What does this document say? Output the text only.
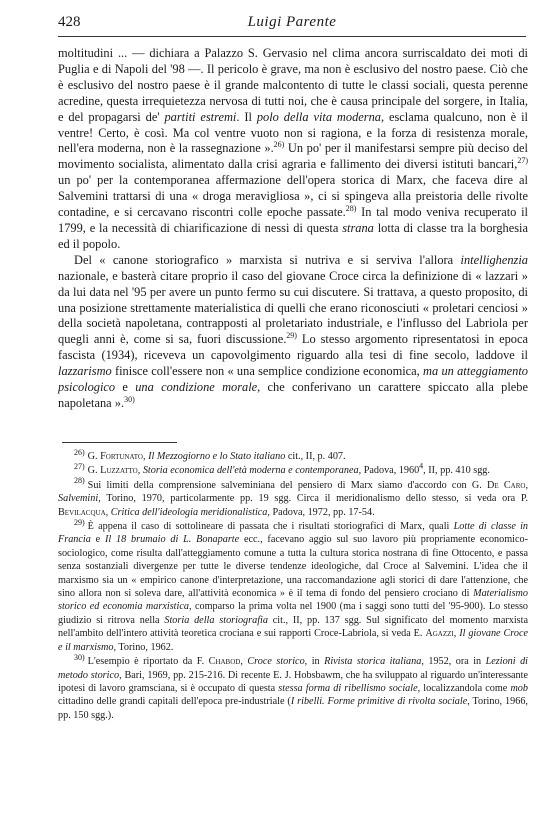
428	Luigi Parente

moltitudini ... — dichiara a Palazzo S. Gervasio nel clima ancora surriscaldato dei moti di Puglia e di Napoli del '98 —. Il pericolo è grave, ma non è esclusivo del nostro paese. Ciò che è esclusivo del nostro paese è il grande malcontento di tutte le classi sociali, questa perenne acredine, questa irrequietezza nervosa di tutti noi, che è causa principale del sorgere, in Italia, e del propagarsi de' partiti estremi. Il polo della vita moderna, esclama qualcuno, non è il ventre! Certo, è così. Ma col ventre vuoto non si ragiona, e la forza di resistenza morale, nell'era moderna, non è la rassegnazione ».$^{26)}$ Un po' per il manifestarsi sempre più deciso del movimento socialista, alimentato dalla crisi agraria e fallimento dei diversi istituti bancari,$^{27)}$ un po' per la contemporanea affermazione dell'opera storica di Marx, che faceva dire al Salvemini trattarsi di una « droga meravigliosa », ci si spingeva alla preistoria delle rivolte contadine, e si cercavano riscontri colle epoche passate.$^{28)}$ In tal modo veniva recuperato il 1799, e la necessità di chiarificazione di nessi di questa strana lotta di classe tra la borghesia ed il popolo.

Del « canone storiografico » marxista si nutriva e si serviva l'allora intellighenzia nazionale, e basterà citare proprio il caso del giovane Croce circa la definizione di « lazzari » da lui data nel '95 per avere un punto fermo su cui discutere. Si trattava, a questo proposito, di una posizione strettamente materialistica di quelli che erano riconosciuti « proletari cenciosi » della società napoletana, contrapposti al proletariato industriale, e l'influsso del Labriola per quegli anni è, come si sa, fuori discussione.$^{29)}$ Lo stesso argomento ripresentatosi in epoca fascista (1934), riceveva un capovolgimento riguardo alla tesi di fine secolo, laddove il lazzarismo finisce coll'essere non « una semplice condizione economica, ma un atteggiamento psicologico e una condizione morale, che conferivano un carattere spiccato alla plebe napoletana ».$^{30)}$

$^{26)}$ G. Fortunato, Il Mezzogiorno e lo Stato italiano cit., II, p. 407.

$^{27)}$ G. Luzzatto, Storia economica dell'età moderna e contemporanea, Padova, 1960$^4$, II, pp. 410 sgg.

$^{28)}$ Sui limiti della comprensione salveminiana del pensiero di Marx siamo d'accordo con G. De Caro, Salvemini, Torino, 1970, particolarmente pp. 19 sgg. Circa il meridionalismo dello stesso, si veda ora P. Bevilacqua, Critica dell'ideologia meridionalistica, Padova, 1972, pp. 17-54.

$^{29)}$ È appena il caso di sottolineare di passata che i risultati storiografici di Marx, quali Lotte di classe in Francia e Il 18 brumaio di L. Bonaparte ecc., facevano aggio sul suo lavoro più propriamente economico-sociologico, come risulta dall'atteggiamento comune a tutta la cultura storica nostrana di fine Ottocento, e passa senza sostanziali divergenze per tutte le diverse tendenze ideologiche, dal Croce al Salvemini. L'idea che il marxismo sia un « empirico canone d'interpretazione, una raccomandazione agli storici di dare l'attenzione, che sino allora non si soleva dare, all'attività economica » è il tema di fondo del pensiero crociano di Materialismo storico ed economia marxistica, comparso la prima volta nel 1900 (ma i saggi sono tutti del '95-900). Lo stesso giudizio si ritrova nella Storia della storiografia cit., II, pp. 137 sgg. Sul significato del momento marxista nell'ambito dell'intero attività teoretica crociana e sui rapporti Croce-Labriola, si veda E. Agazzi, Il giovane Croce e il marxismo, Torino, 1962.

$^{30)}$ L'esempio è riportato da F. Chabod, Croce storico, in Rivista storica italiana, 1952, ora in Lezioni di metodo storico, Bari, 1969, pp. 215-216. Di recente E. J. Hobsbawm, che ha sviluppato al riguardo un'interessante ipotesi di lavoro gramsciana, si è occupato di questa stessa forma di ribellismo sociale, localizzandola come mob cittadino delle grandi capitali dell'epoca pre-industriale (I ribelli. Forme primitive di rivolta sociale, Torino, 1966, pp. 150 sgg.).
